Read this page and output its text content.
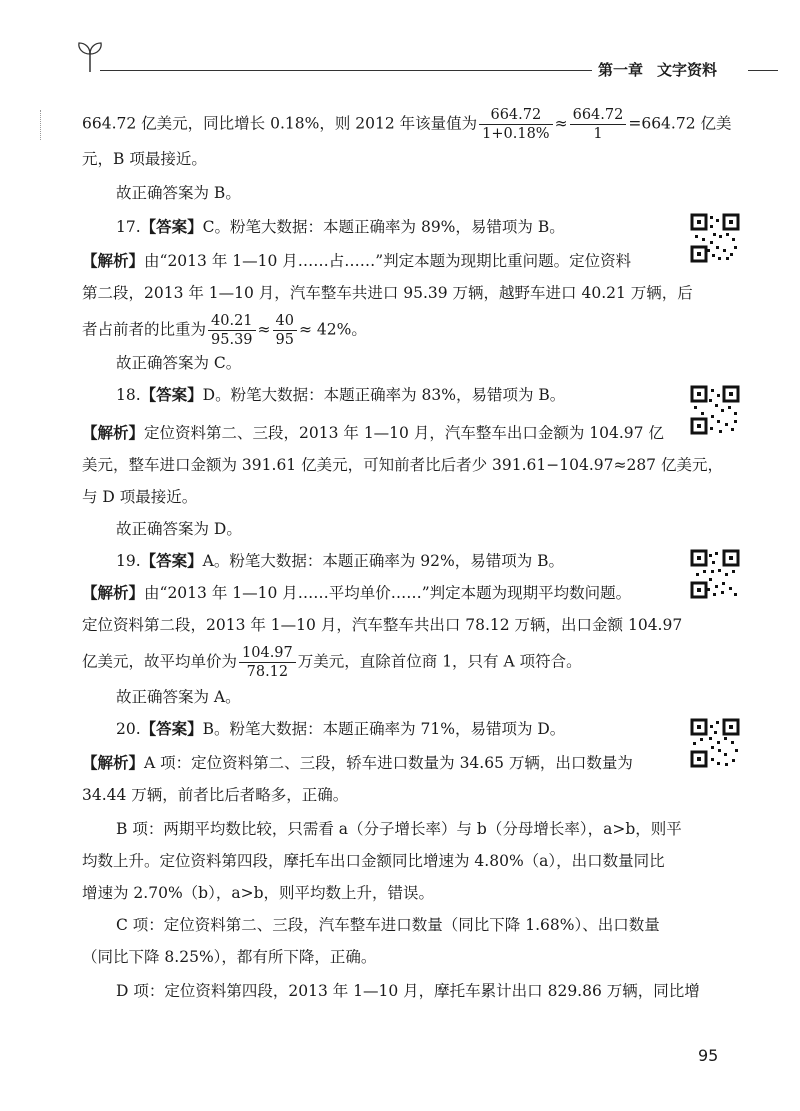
第一章 文字资料
664.72 亿美元，同比增长 0.18%，则 2012 年该量值为 $\frac{664.72}{1+0.18\%} \approx \frac{664.72}{1} =664.72$ 亿美
元，B 项最接近。
故正确答案为 B。
17.【答案】C。粉笔大数据：本题正确率为 89%，易错项为 B。
【解析】由“2013 年 1—10 月……占……”判定本题为现期比重问题。定位资料
第二段，2013 年 1—10 月，汽车整车共进口 95.39 万辆，越野车进口 40.21 万辆，后
者占前者的比重为 $\frac{40.21}{95.39} \approx \frac{40}{95} \approx 42\%$。
故正确答案为 C。
18.【答案】D。粉笔大数据：本题正确率为 83%，易错项为 B。
【解析】定位资料第二、三段，2013 年 1—10 月，汽车整车出口金额为 104.97 亿
美元，整车进口金额为 391.61 亿美元，可知前者比后者少 391.61−104.97≈287 亿美元，
与 D 项最接近。
故正确答案为 D。
19.【答案】A。粉笔大数据：本题正确率为 92%，易错项为 B。
【解析】由“2013 年 1—10 月……平均单价……”判定本题为现期平均数问题。
定位资料第二段，2013 年 1—10 月，汽车整车共出口 78.12 万辆，出口金额 104.97
亿美元，故平均单价为 $\frac{104.97}{78.12}$ 万美元，直除首位商 1，只有 A 项符合。
故正确答案为 A。
20.【答案】B。粉笔大数据：本题正确率为 71%，易错项为 D。
【解析】A 项：定位资料第二、三段，轿车进口数量为 34.65 万辆，出口数量为
34.44 万辆，前者比后者略多，正确。
B 项：两期平均数比较，只需看 a（分子增长率）与 b（分母增长率），a>b，则平
均数上升。定位资料第四段，摩托车出口金额同比增速为 4.80%（a），出口数量同比
增速为 2.70%（b），a>b，则平均数上升，错误。
C 项：定位资料第二、三段，汽车整车进口数量（同比下降 1.68%）、出口数量
（同比下降 8.25%），都有所下降，正确。
D 项：定位资料第四段，2013 年 1—10 月，摩托车累计出口 829.86 万辆，同比增
95
